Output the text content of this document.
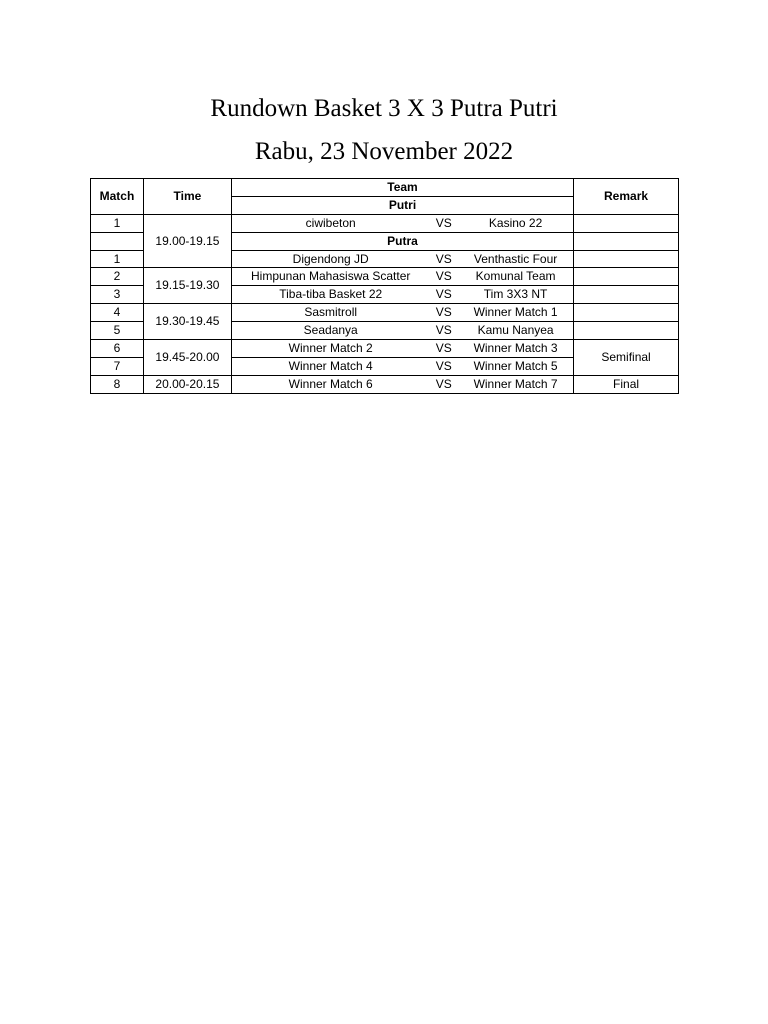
Rundown Basket 3 X 3 Putra Putri
Rabu, 23 November 2022
Match	Time	Team			Remark
		Putri			
1	19.00-19.15	ciwibeton	VS	Kasino 22	
		Putra			
1		Digendong JD	VS	Venthastic Four	
2	19.15-19.30	Himpunan Mahasiswa Scatter	VS	Komunal Team	
3		Tiba-tiba Basket 22	VS	Tim 3X3 NT	
4	19.30-19.45	Sasmitroll	VS	Winner Match 1	
5		Seadanya	VS	Kamu Nanyea	
6	19.45-20.00	Winner Match 2	VS	Winner Match 3	Semifinal
7		Winner Match 4	VS	Winner Match 5	
8	20.00-20.15	Winner Match 6	VS	Winner Match 7	Final
